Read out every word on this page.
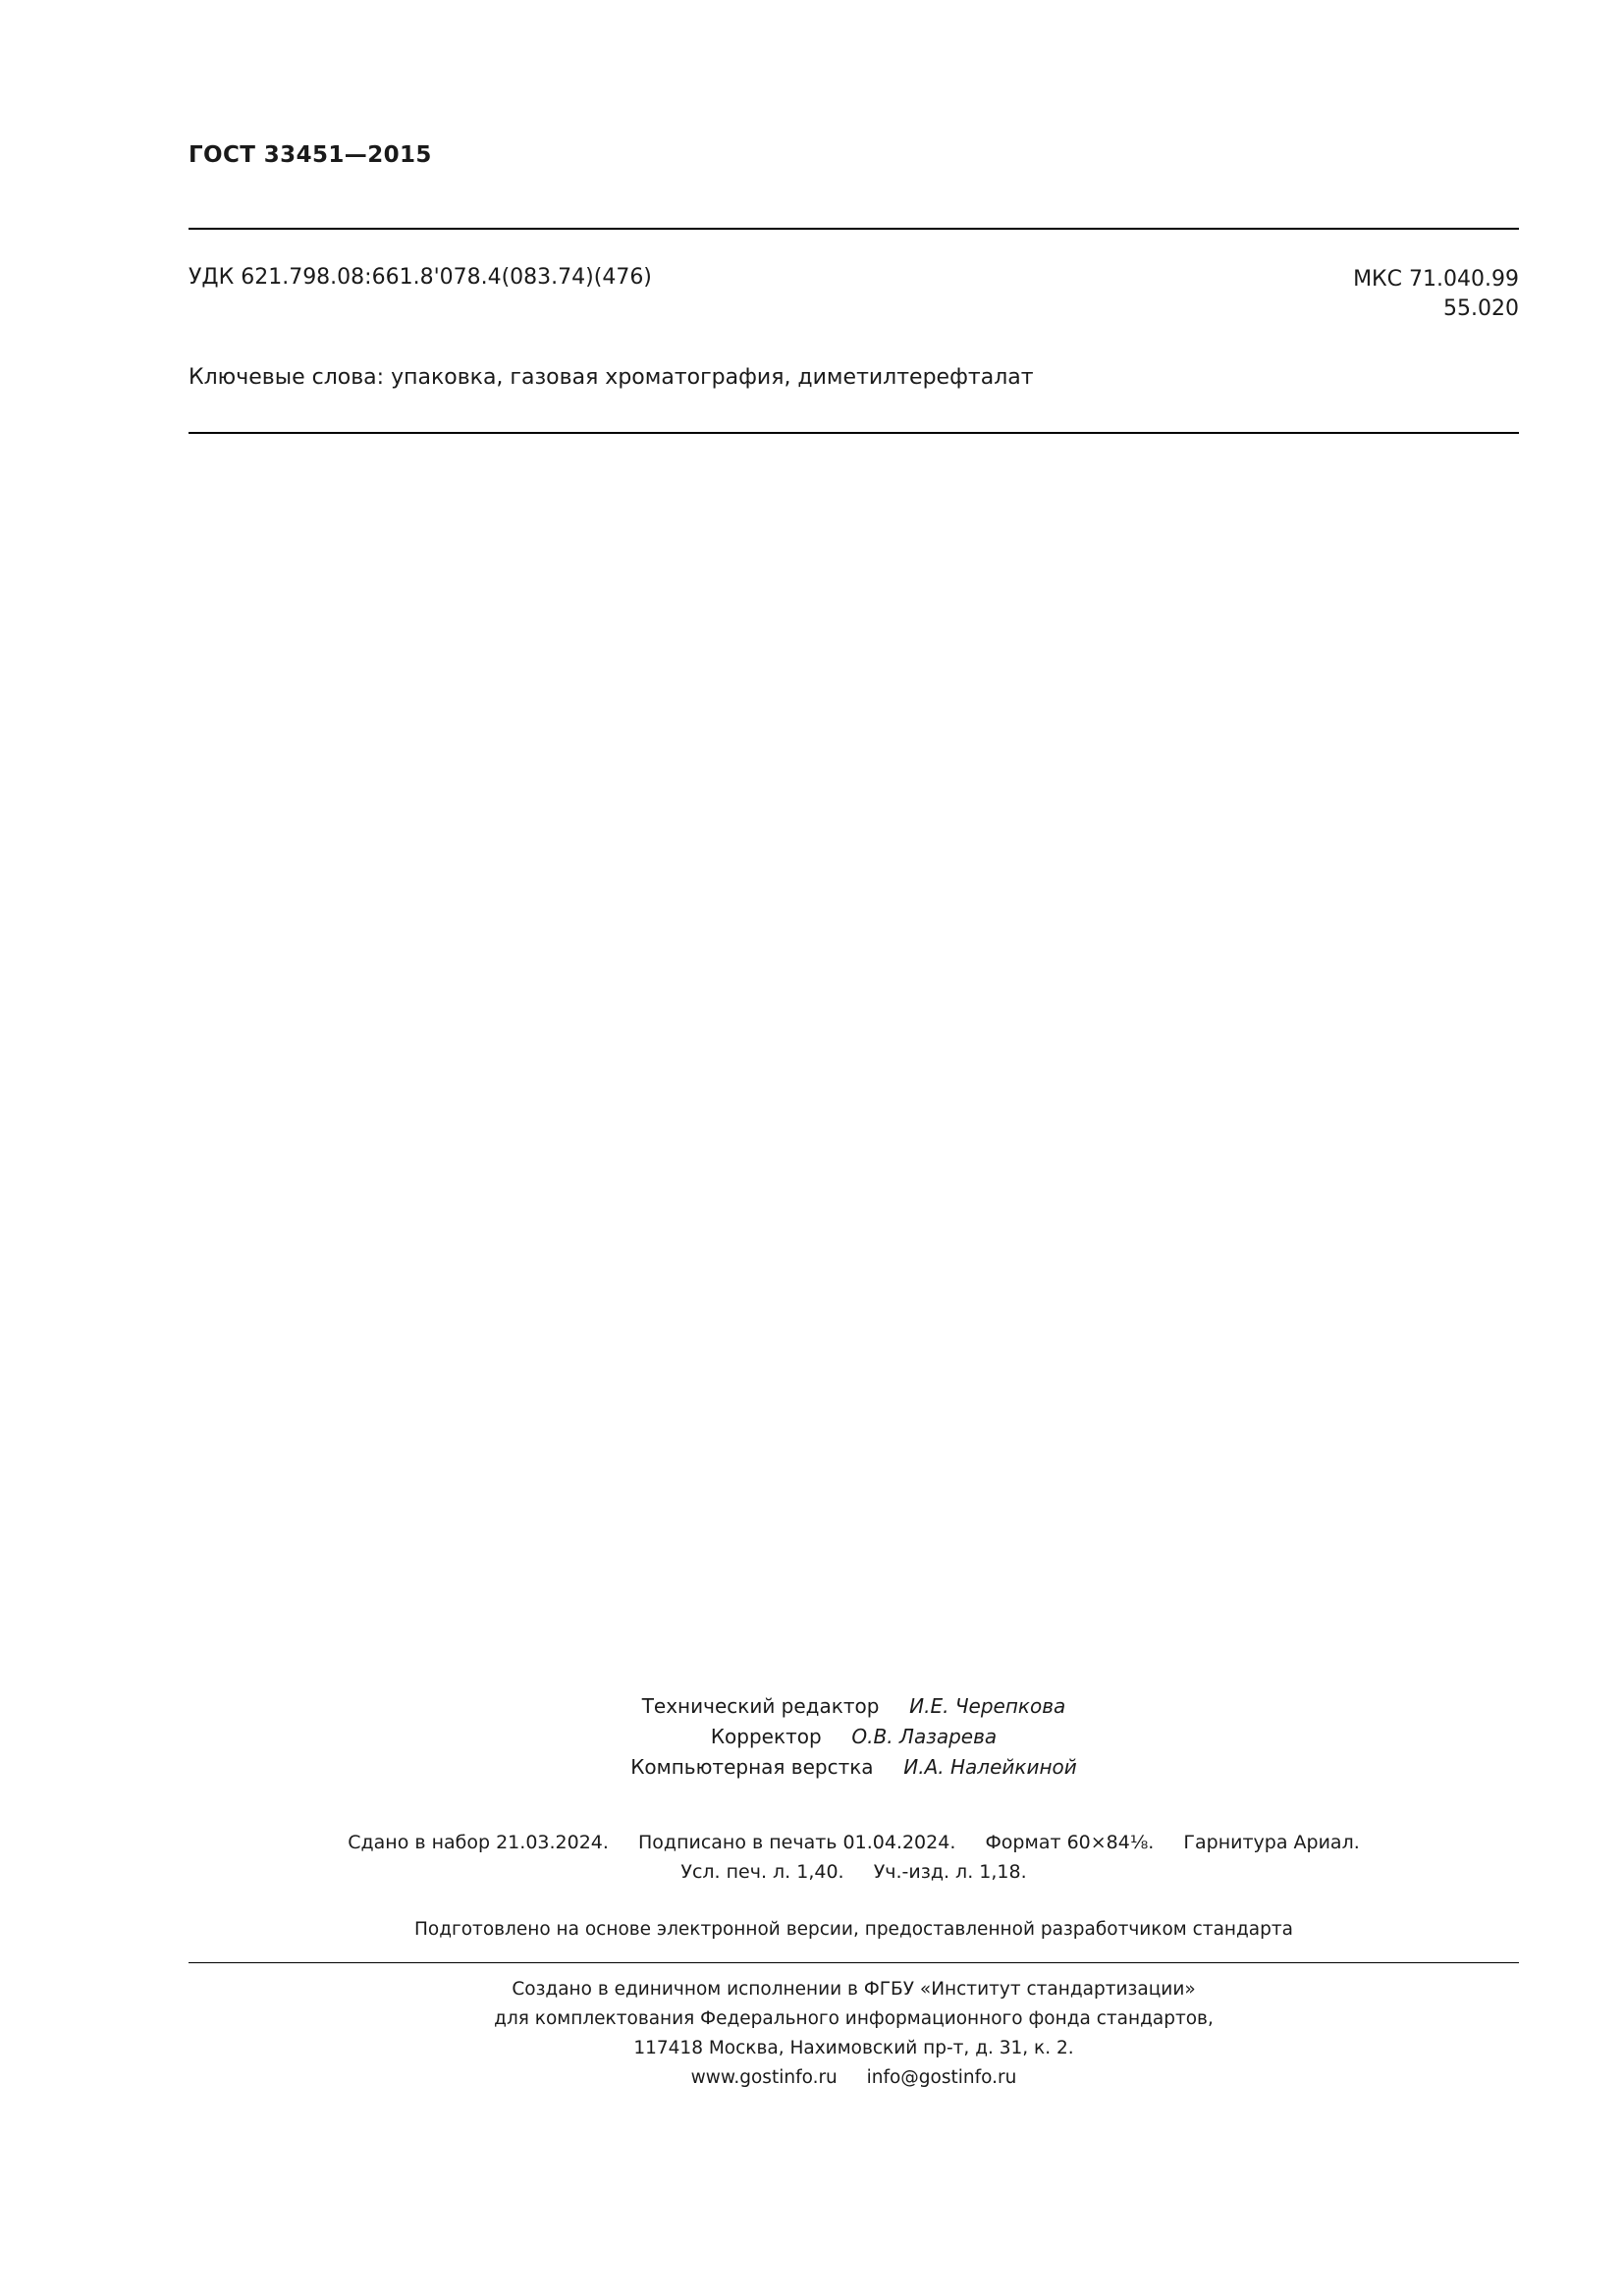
ГОСТ 33451—2015
УДК 621.798.08:661.8'078.4(083.74)(476)	МКС 71.040.99
55.020
Ключевые слова: упаковка, газовая хроматография, диметилтерефталат
Технический редактор И.Е. Черепкова
Корректор О.В. Лазарева
Компьютерная верстка И.А. Налейкиной
Сдано в набор 21.03.2024. Подписано в печать 01.04.2024. Формат 60×84⅛. Гарнитура Ариал.
Усл. печ. л. 1,40. Уч.-изд. л. 1,18.
Подготовлено на основе электронной версии, предоставленной разработчиком стандарта
Создано в единичном исполнении в ФГБУ «Институт стандартизации»
для комплектования Федерального информационного фонда стандартов,
117418 Москва, Нахимовский пр-т, д. 31, к. 2.
www.gostinfo.ru info@gostinfo.ru
